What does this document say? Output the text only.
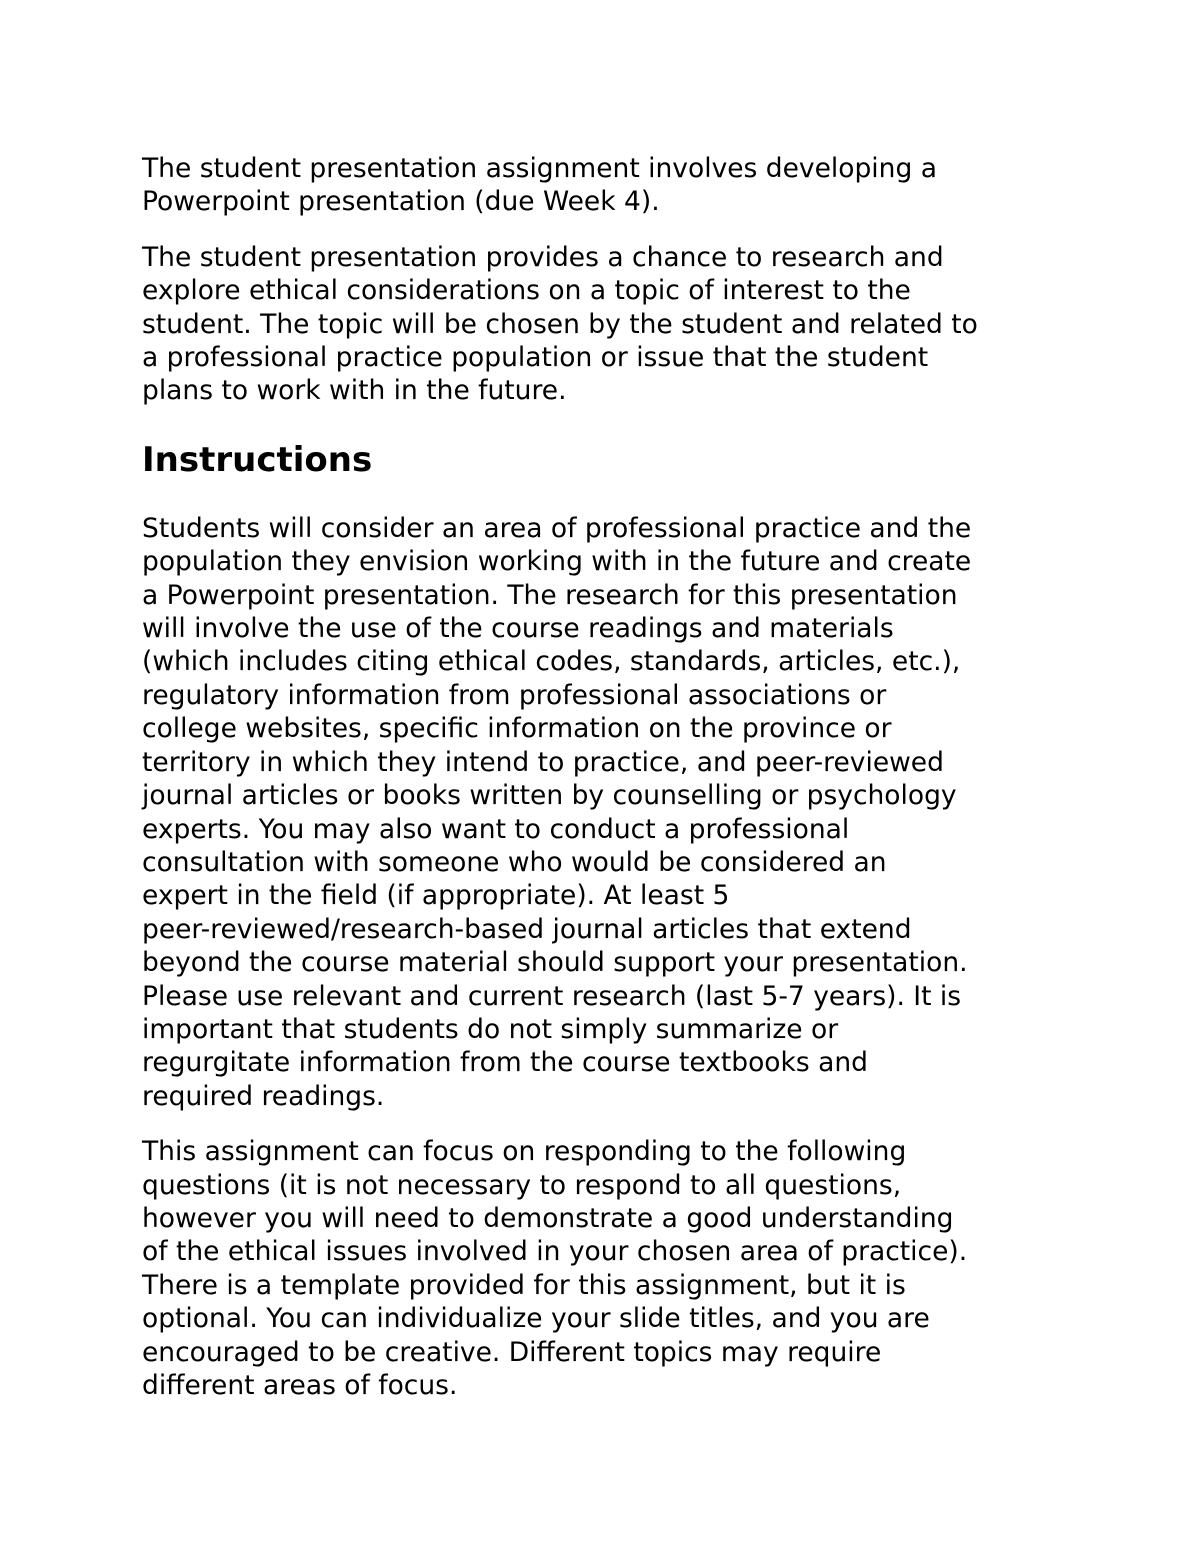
The student presentation assignment involves developing a
Powerpoint presentation (due Week 4).

The student presentation provides a chance to research and
explore ethical considerations on a topic of interest to the
student. The topic will be chosen by the student and related to
a professional practice population or issue that the student
plans to work with in the future.

Instructions

Students will consider an area of professional practice and the
population they envision working with in the future and create
a Powerpoint presentation. The research for this presentation
will involve the use of the course readings and materials
(which includes citing ethical codes, standards, articles, etc.),
regulatory information from professional associations or
college websites, specific information on the province or
territory in which they intend to practice, and peer-reviewed
journal articles or books written by counselling or psychology
experts. You may also want to conduct a professional
consultation with someone who would be considered an
expert in the field (if appropriate). At least 5
peer-reviewed/research-based journal articles that extend
beyond the course material should support your presentation.
Please use relevant and current research (last 5-7 years). It is
important that students do not simply summarize or
regurgitate information from the course textbooks and
required readings.

This assignment can focus on responding to the following
questions (it is not necessary to respond to all questions,
however you will need to demonstrate a good understanding
of the ethical issues involved in your chosen area of practice).
There is a template provided for this assignment, but it is
optional. You can individualize your slide titles, and you are
encouraged to be creative. Different topics may require
different areas of focus.
